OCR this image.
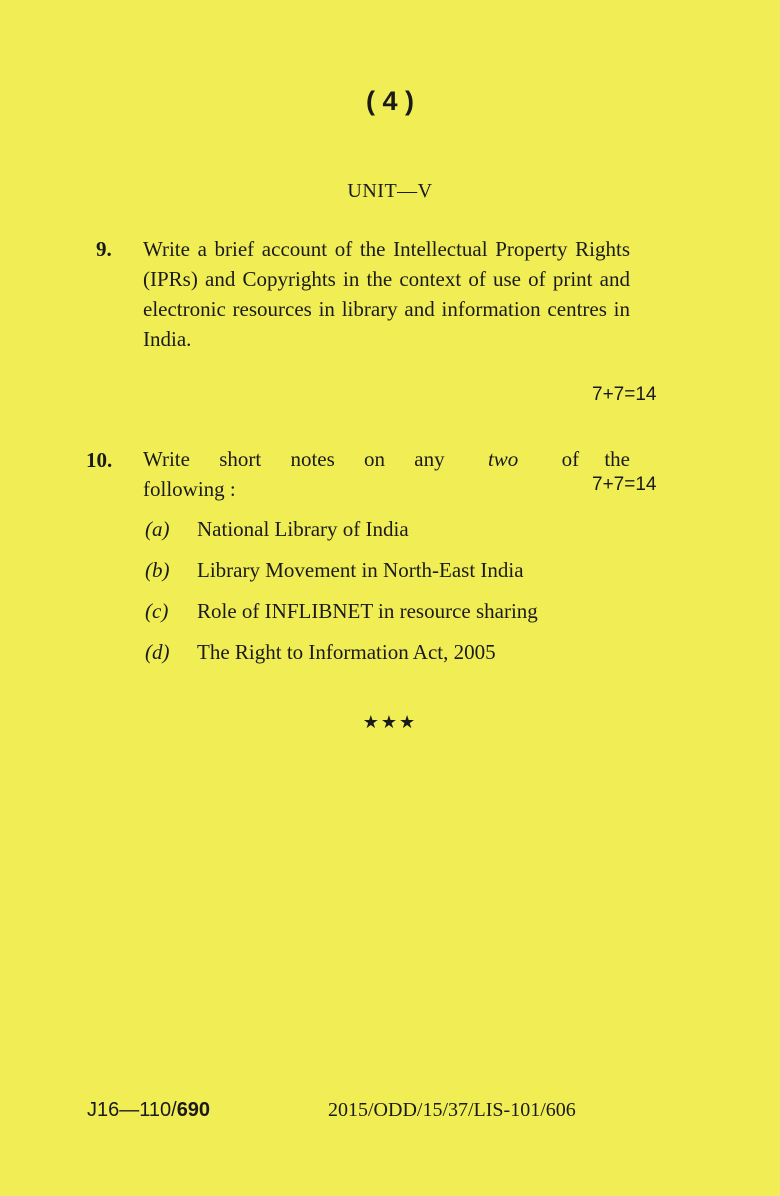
( 4 )
UNIT—V
9. Write a brief account of the Intellectual Property Rights (IPRs) and Copyrights in the context of use of print and electronic resources in library and information centres in India.
7+7=14
10. Write short notes on any two of the
following :	7+7=14
(a) National Library of India
(b) Library Movement in North-East India
(c) Role of INFLIBNET in resource sharing
(d) The Right to Information Act, 2005
★★★
J16—110/690	2015/ODD/15/37/LIS-101/606
